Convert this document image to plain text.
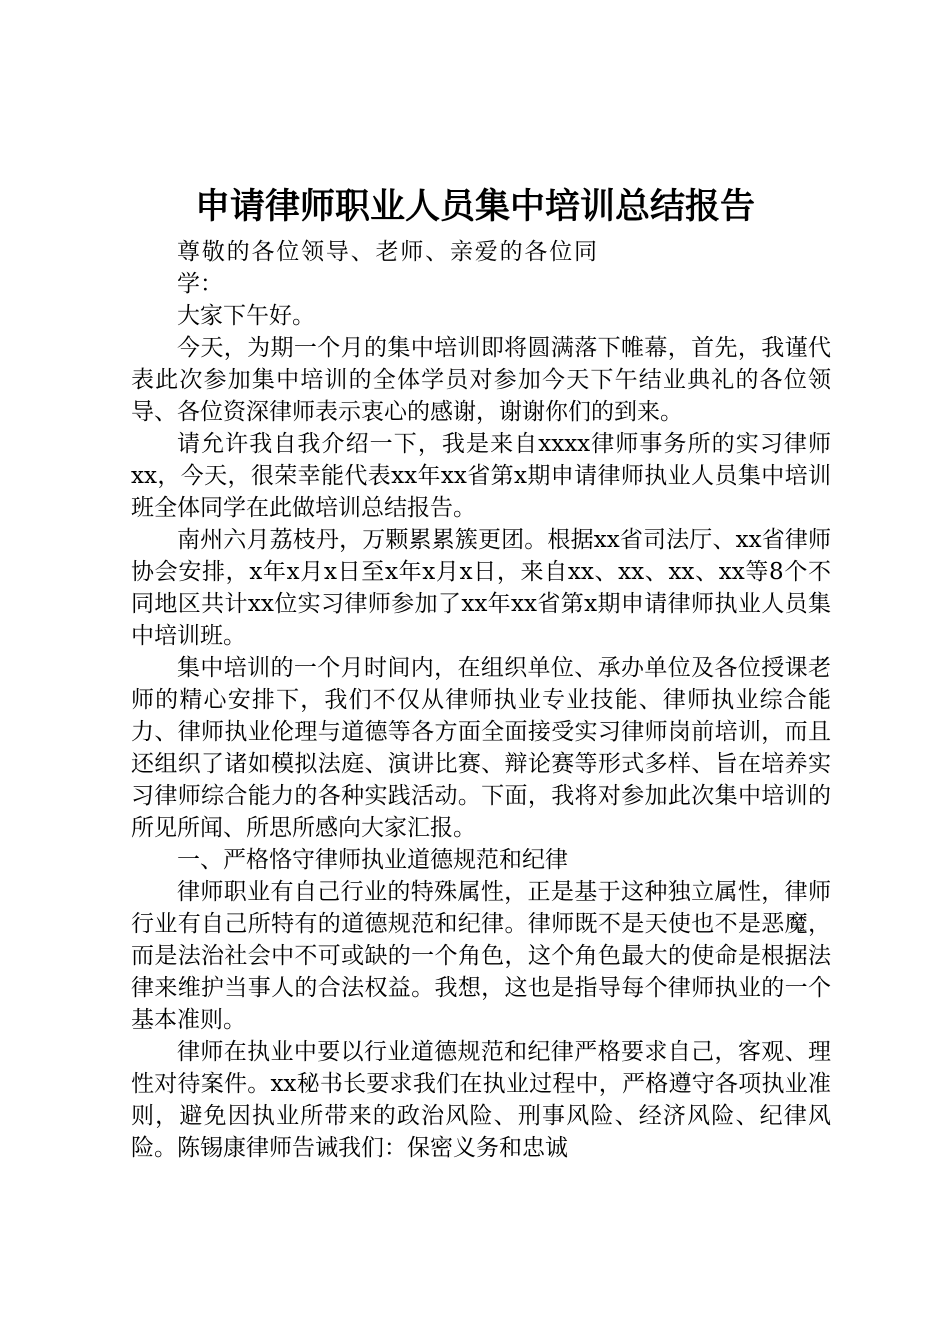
申请律师职业人员集中培训总结报告

尊敬的各位领导、老师、亲爱的各位同学：

大家下午好。

今天，为期一个月的集中培训即将圆满落下帷幕，首先，我谨代表此次参加集中培训的全体学员对参加今天下午结业典礼的各位领导、各位资深律师表示衷心的感谢，谢谢你们的到来。

请允许我自我介绍一下，我是来自xxxx律师事务所的实习律师xx，今天，很荣幸能代表xx年xx省第x期申请律师执业人员集中培训班全体同学在此做培训总结报告。

南州六月荔枝丹，万颗累累簇更团。根据xx省司法厅、xx省律师协会安排，x年x月x日至x年x月x日，来自xx、xx、xx、xx等8个不同地区共计xx位实习律师参加了xx年xx省第x期申请律师执业人员集中培训班。

集中培训的一个月时间内，在组织单位、承办单位及各位授课老师的精心安排下，我们不仅从律师执业专业技能、律师执业综合能力、律师执业伦理与道德等各方面全面接受实习律师岗前培训，而且还组织了诸如模拟法庭、演讲比赛、辩论赛等形式多样、旨在培养实习律师综合能力的各种实践活动。下面，我将对参加此次集中培训的所见所闻、所思所感向大家汇报。

一、严格恪守律师执业道德规范和纪律

律师职业有自己行业的特殊属性，正是基于这种独立属性，律师行业有自己所特有的道德规范和纪律。律师既不是天使也不是恶魔，而是法治社会中不可或缺的一个角色，这个角色最大的使命是根据法律来维护当事人的合法权益。我想，这也是指导每个律师执业的一个基本准则。

律师在执业中要以行业道德规范和纪律严格要求自己，客观、理性对待案件。xx秘书长要求我们在执业过程中，严格遵守各项执业准则，避免因执业所带来的政治风险、刑事风险、经济风险、纪律风险。陈锡康律师告诫我们：保密义务和忠诚
